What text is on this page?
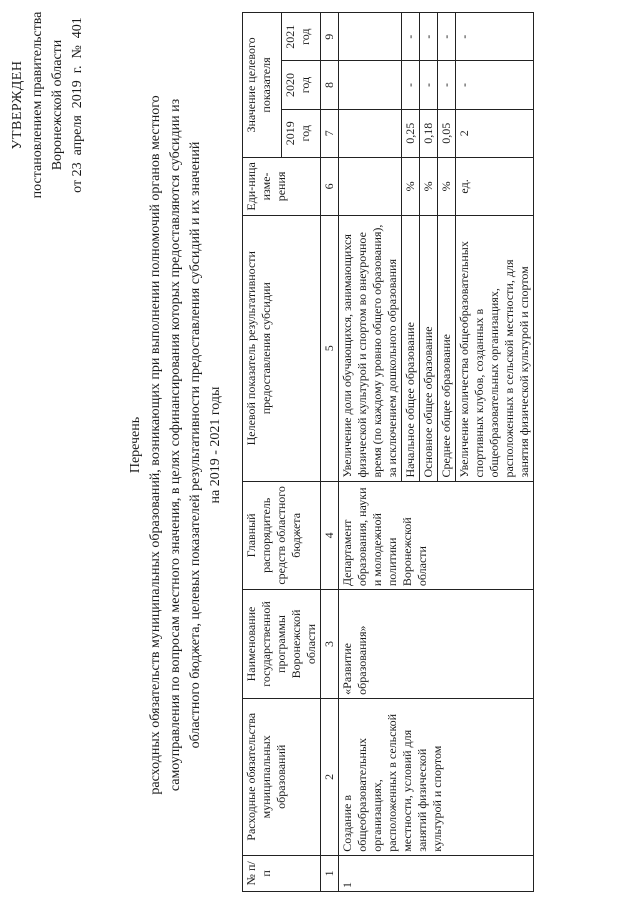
УТВЕРЖДЕН постановлением правительства Воронежской области от 23  апреля  2019  г.  №  401
Перечень расходных обязательств муниципальных образований, возникающих при выполнении полномочий органов местного самоуправления по вопросам местного значения, в целях софинансирования которых предоставляются субсидии из областного бюджета, целевых показателей результативности предоставления субсидий и их значений на 2019 - 2021 годы
№ п/п	Расходные обязательства муниципальных образований	Наименование государственной программы Воронежской области	Главный распорядитель средств областного бюджета	Целевой показатель результативности предоставления субсидии	Еди-ница изме-рения	Значение целевого показателя		
						2019 год	2020 год	2021 год
1	2	3	4	5	6	7	8	9
1	Создание в общеобразовательных организациях, расположенных в сельской местности, условий для занятий физической культурой и спортом	«Развитие образования»	Департамент образования, науки и молодежной политики Воронежской области	Увеличение доли обучающихся, занимающихся физической культурой и спортом во внеурочное время (по каждому уровню общего образования), за исключением дошкольного образования				
				Начальное общее образование	%	0,25	-	-
				Основное общее образование	%	0,18	-	-
				Среднее общее образование	%	0,05	-	-
				Увеличение количества общеобразовательных спортивных клубов, созданных в общеобразовательных организациях, расположенных в сельской местности, для занятия физической культурой и спортом	ед.	2	-	-
